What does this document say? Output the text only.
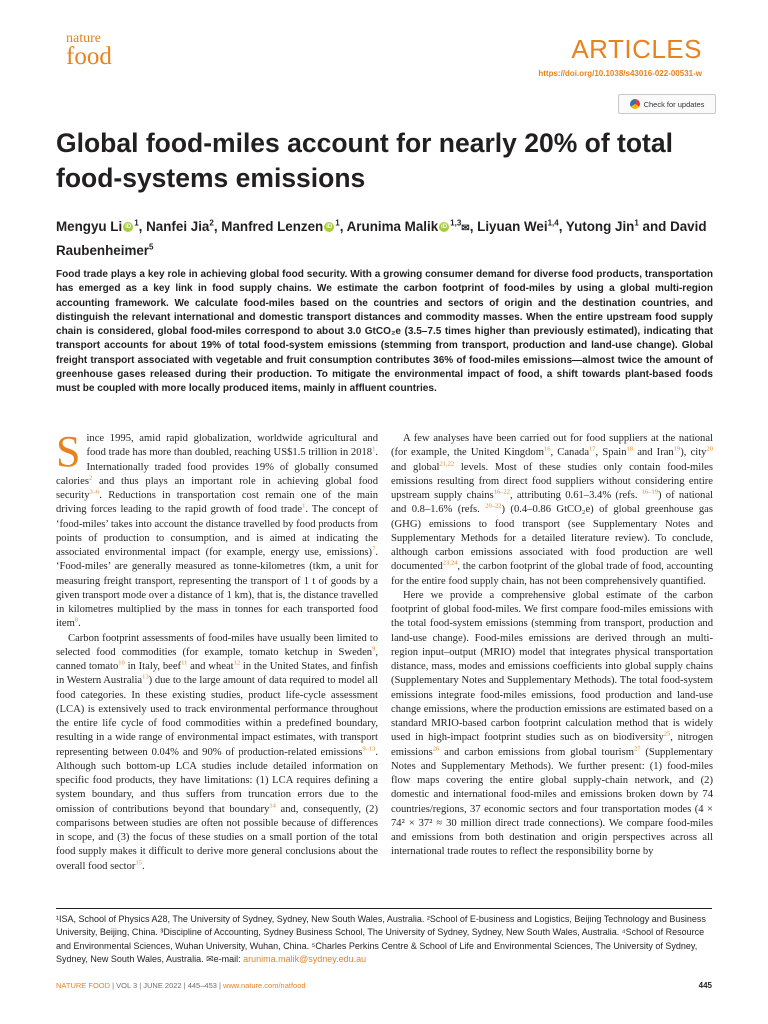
nature
food	ARTICLES
https://doi.org/10.1038/s43016-022-00531-w
Check for updates
Global food-miles account for nearly 20% of total food-systems emissions
Mengyu Li iD $^1$, Nanfei Jia$^2$, Manfred Lenzen iD $^1$, Arunima Malik iD $^{1,3}$✉, Liyuan Wei$^{1,4}$, Yutong Jin$^1$ and David Raubenheimer$^5$
Food trade plays a key role in achieving global food security. With a growing consumer demand for diverse food products, transportation has emerged as a key link in food supply chains. We estimate the carbon footprint of food-miles by using a global multi-region accounting framework. We calculate food-miles based on the countries and sectors of origin and the destination countries, and distinguish the relevant international and domestic transport distances and commodity masses. When the entire upstream food supply chain is considered, global food-miles correspond to about 3.0 GtCO₂e (3.5–7.5 times higher than previously estimated), indicating that transport accounts for about 19% of total food-system emissions (stemming from transport, production and land-use change). Global freight transport associated with vegetable and fruit consumption contributes 36% of food-miles emissions—almost twice the amount of greenhouse gases released during their production. To mitigate the environmental impact of food, a shift towards plant-based foods must be coupled with more locally produced items, mainly in affluent countries.
S ince 1995, amid rapid globalization, worldwide agricultural and food trade has more than doubled, reaching US$1.5 trillion in 2018$^1$. Internationally traded food provides 19% of globally consumed calories$^2$ and thus plays an important role in achieving global food security$^{3-6}$. Reductions in transportation cost remain one of the main driving forces leading to the rapid growth of food trade$^1$. The concept of ‘food-miles’ takes into account the distance travelled by food products from points of production to consumption, and is aimed at indicating the associated environmental impact (for example, energy use, emissions)$^7$. ‘Food-miles’ are generally measured as tonne-kilometres (tkm, a unit for measuring freight transport, representing the transport of 1 t of goods by a given transport mode over a distance of 1 km), that is, the distance travelled in kilometres multiplied by the mass in tonnes for each transported food item$^8$.

Carbon footprint assessments of food-miles have usually been limited to selected food commodities (for example, tomato ketchup in Sweden$^9$, canned tomato$^{10}$ in Italy, beef$^{11}$ and wheat$^{12}$ in the United States, and finfish in Western Australia$^{13}$) due to the large amount of data required to model all food categories. In these existing studies, product life-cycle assessment (LCA) is extensively used to track environmental performance throughout the entire life cycle of food commodities within a predefined boundary, resulting in a wide range of environmental impact estimates, with transport representing between 0.04% and 90% of production-related emissions$^{9-13}$. Although such bottom-up LCA studies include detailed information on specific food products, they have limitations: (1) LCA requires defining a system boundary, and thus suffers from truncation errors due to the omission of contributions beyond that boundary$^{14}$ and, consequently, (2) comparisons between studies are often not possible because of differences in scope, and (3) the focus of these studies on a small portion of the total food supply makes it difficult to derive more general conclusions about the overall food sector$^{15}$.

A few analyses have been carried out for food suppliers at the national (for example, the United Kingdom$^{16}$, Canada$^{17}$, Spain$^{18}$ and Iran$^{19}$), city$^{20}$ and global$^{21,22}$ levels. Most of these studies only contain food-miles emissions resulting from direct food suppliers without considering entire upstream supply chains$^{16-22}$, attributing 0.61–3.4% (refs. $^{16-19}$) of national and 0.8–1.6% (refs. $^{20-22}$) (0.4–0.86 GtCO₂e) of global greenhouse gas (GHG) emissions to food transport (see Supplementary Notes and Supplementary Methods for a detailed literature review). To conclude, although carbon emissions associated with food production are well documented$^{23,24}$, the carbon footprint of the global trade of food, accounting for the entire food supply chain, has not been comprehensively quantified.

Here we provide a comprehensive global estimate of the carbon footprint of global food-miles. We first compare food-miles emissions with the total food-system emissions (stemming from transport, production and land-use change). Food-miles emissions are derived through an multi-region input–output (MRIO) model that integrates physical transportation distance, mass, modes and emissions coefficients into global supply chains (Supplementary Notes and Supplementary Methods). The total food-system emissions integrate food-miles emissions, food production and land-use change emissions, where the production emissions are estimated based on a standard MRIO-based carbon footprint calculation method that is widely used in high-impact footprint studies such as on biodiversity$^{25}$, nitrogen emissions$^{26}$ and carbon emissions from global tourism$^{27}$ (Supplementary Notes and Supplementary Methods). We further present: (1) food-miles flow maps covering the entire global supply-chain network, and (2) domestic and international food-miles and emissions broken down by 74 countries/regions, 37 economic sectors and four transportation modes (4 × 74² × 37² ≈ 30 million direct trade connections). We compare food-miles and emissions from both destination and origin perspectives across all international trade routes to reflect the responsibility borne by

¹ISA, School of Physics A28, The University of Sydney, Sydney, New South Wales, Australia. ²School of E-business and Logistics, Beijing Technology and Business University, Beijing, China. ³Discipline of Accounting, Sydney Business School, The University of Sydney, Sydney, New South Wales, Australia. ⁴School of Resource and Environmental Sciences, Wuhan University, Wuhan, China. ⁵Charles Perkins Centre & School of Life and Environmental Sciences, The University of Sydney, Sydney, New South Wales, Australia. ✉e-mail: arunima.malik@sydney.edu.au
NATURE FOOD | VOL 3 | JUNE 2022 | 445–453 | www.nature.com/natfood	445
